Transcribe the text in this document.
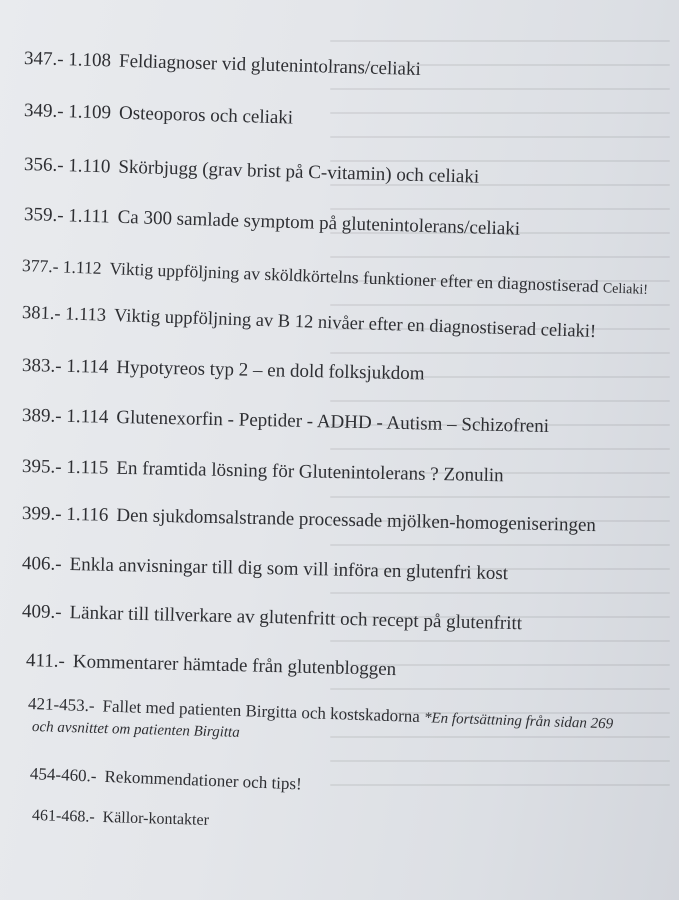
347.- 1.108 Feldiagnoser vid glutenintolrans/celiaki
349.- 1.109 Osteoporos och celiaki
356.- 1.110 Skörbjugg (grav brist på C-vitamin) och celiaki
359.- 1.111 Ca 300 samlade symptom på glutenintolerans/celiaki
377.- 1.112 Viktig uppföljning av sköldkörtelns funktioner efter en diagnostiserad Celiaki!
381.- 1.113 Viktig uppföljning av B 12 nivåer efter en diagnostiserad celiaki!
383.- 1.114 Hypotyreos typ 2 – en dold folksjukdom
389.- 1.114 Glutenexorfin - Peptider - ADHD - Autism – Schizofreni
395.- 1.115 En framtida lösning för Glutenintolerans ? Zonulin
399.- 1.116 Den sjukdomsalstrande processade mjölken-homogeniseringen
406.- Enkla anvisningar till dig som vill införa en glutenfri kost
409.- Länkar till tillverkare av glutenfritt och recept på glutenfritt
411.- Kommentarer hämtade från glutenbloggen
421-453.- Fallet med patienten Birgitta och kostskadorna *En fortsättning från sidan 269
och avsnittet om patienten Birgitta
454-460.- Rekommendationer och tips!
461-468.- Källor-kontakter
